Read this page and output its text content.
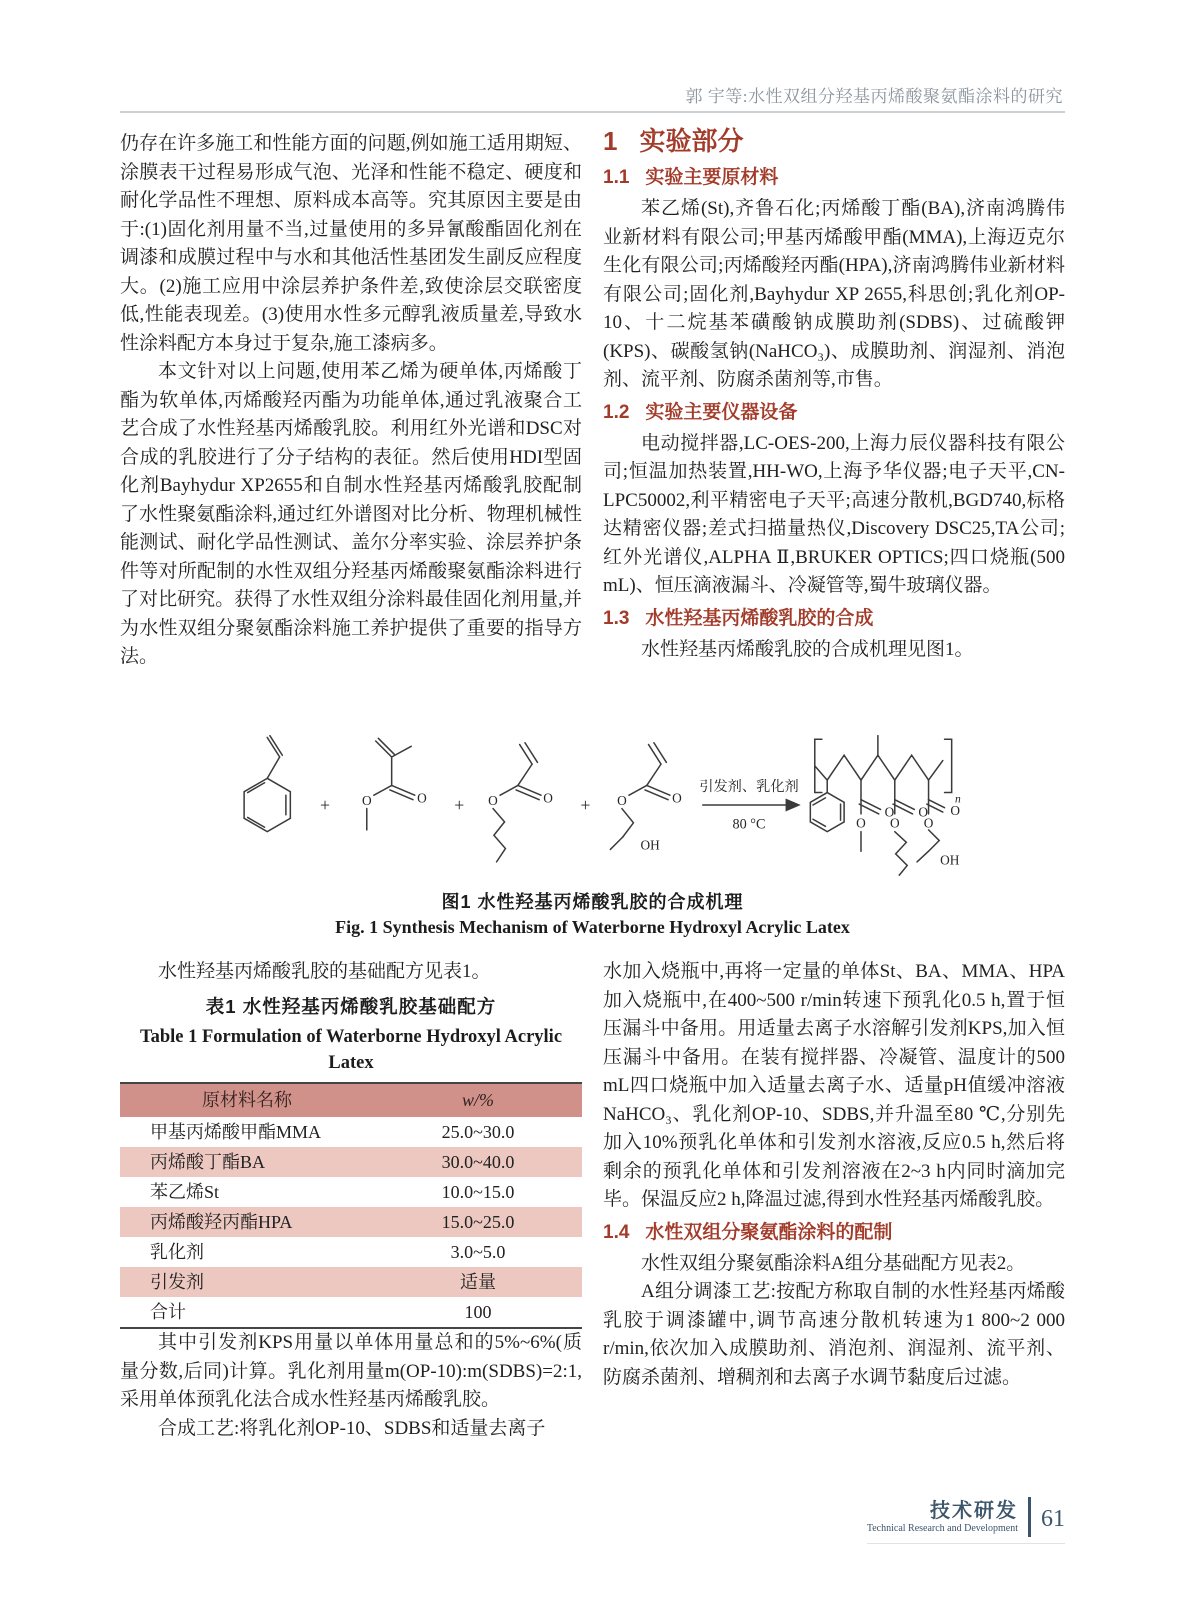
郭 宇等:水性双组分羟基丙烯酸聚氨酯涂料的研究

仍存在许多施工和性能方面的问题,例如施工适用期短、涂膜表干过程易形成气泡、光泽和性能不稳定、硬度和耐化学品性不理想、原料成本高等。究其原因主要是由于:(1)固化剂用量不当,过量使用的多异氰酸酯固化剂在调漆和成膜过程中与水和其他活性基团发生副反应程度大。(2)施工应用中涂层养护条件差,致使涂层交联密度低,性能表现差。(3)使用水性多元醇乳液质量差,导致水性涂料配方本身过于复杂,施工漆病多。

本文针对以上问题,使用苯乙烯为硬单体,丙烯酸丁酯为软单体,丙烯酸羟丙酯为功能单体,通过乳液聚合工艺合成了水性羟基丙烯酸乳胶。利用红外光谱和DSC对合成的乳胶进行了分子结构的表征。然后使用HDI型固化剂Bayhydur XP2655和自制水性羟基丙烯酸乳胶配制了水性聚氨酯涂料,通过红外谱图对比分析、物理机械性能测试、耐化学品性测试、盖尔分率实验、涂层养护条件等对所配制的水性双组分羟基丙烯酸聚氨酯涂料进行了对比研究。获得了水性双组分涂料最佳固化剂用量,并为水性双组分聚氨酯涂料施工养护提供了重要的指导方法。

1 实验部分
1.1 实验主要原材料

苯乙烯(St),齐鲁石化;丙烯酸丁酯(BA),济南鸿腾伟业新材料有限公司;甲基丙烯酸甲酯(MMA),上海迈克尔生化有限公司;丙烯酸羟丙酯(HPA),济南鸿腾伟业新材料有限公司;固化剂,Bayhydur XP 2655,科思创;乳化剂OP-10、十二烷基苯磺酸钠成膜助剂(SDBS)、过硫酸钾(KPS)、碳酸氢钠(NaHCO₃)、成膜助剂、润湿剂、消泡剂、流平剂、防腐杀菌剂等,市售。

1.2 实验主要仪器设备

电动搅拌器,LC-OES-200,上海力辰仪器科技有限公司;恒温加热装置,HH-WO,上海予华仪器;电子天平,CN-LPC50002,利平精密电子天平;高速分散机,BGD740,标格达精密仪器;差式扫描量热仪,Discovery DSC25,TA公司;红外光谱仪,ALPHA Ⅱ,BRUKER OPTICS;四口烧瓶(500 mL)、恒压滴液漏斗、冷凝管等,蜀牛玻璃仪器。

1.3 水性羟基丙烯酸乳胶的合成

水性羟基丙烯酸乳胶的合成机理见图1。

+	+	+
O
O	O
O	O
O
OH
引发剂、乳化剂
80 °C
O
O
O
O
O
O
OH
n
图1 水性羟基丙烯酸乳胶的合成机理
Fig. 1 Synthesis Mechanism of Waterborne Hydroxyl Acrylic Latex

水性羟基丙烯酸乳胶的基础配方见表1。

表1 水性羟基丙烯酸乳胶基础配方
Table 1 Formulation of Waterborne Hydroxyl Acrylic Latex
原材料名称	w/%
甲基丙烯酸甲酯MMA	25.0~30.0
丙烯酸丁酯BA	30.0~40.0
苯乙烯St	10.0~15.0
丙烯酸羟丙酯HPA	15.0~25.0
乳化剂	3.0~5.0
引发剂	适量
合计	100

其中引发剂KPS用量以单体用量总和的5%~6%(质量分数,后同)计算。乳化剂用量m(OP-10):m(SDBS)=2:1,采用单体预乳化法合成水性羟基丙烯酸乳胶。

合成工艺:将乳化剂OP-10、SDBS和适量去离子

水加入烧瓶中,再将一定量的单体St、BA、MMA、HPA加入烧瓶中,在400~500 r/min转速下预乳化0.5 h,置于恒压漏斗中备用。用适量去离子水溶解引发剂KPS,加入恒压漏斗中备用。在装有搅拌器、冷凝管、温度计的500 mL四口烧瓶中加入适量去离子水、适量pH值缓冲溶液NaHCO₃、乳化剂OP-10、SDBS,并升温至80 ℃,分别先加入10%预乳化单体和引发剂水溶液,反应0.5 h,然后将剩余的预乳化单体和引发剂溶液在2~3 h内同时滴加完毕。保温反应2 h,降温过滤,得到水性羟基丙烯酸乳胶。

1.4 水性双组分聚氨酯涂料的配制

水性双组分聚氨酯涂料A组分基础配方见表2。

A组分调漆工艺:按配方称取自制的水性羟基丙烯酸乳胶于调漆罐中,调节高速分散机转速为1 800~2 000 r/min,依次加入成膜助剂、消泡剂、润湿剂、流平剂、防腐杀菌剂、增稠剂和去离子水调节黏度后过滤。

技术研发
Technical Research and Development 61
